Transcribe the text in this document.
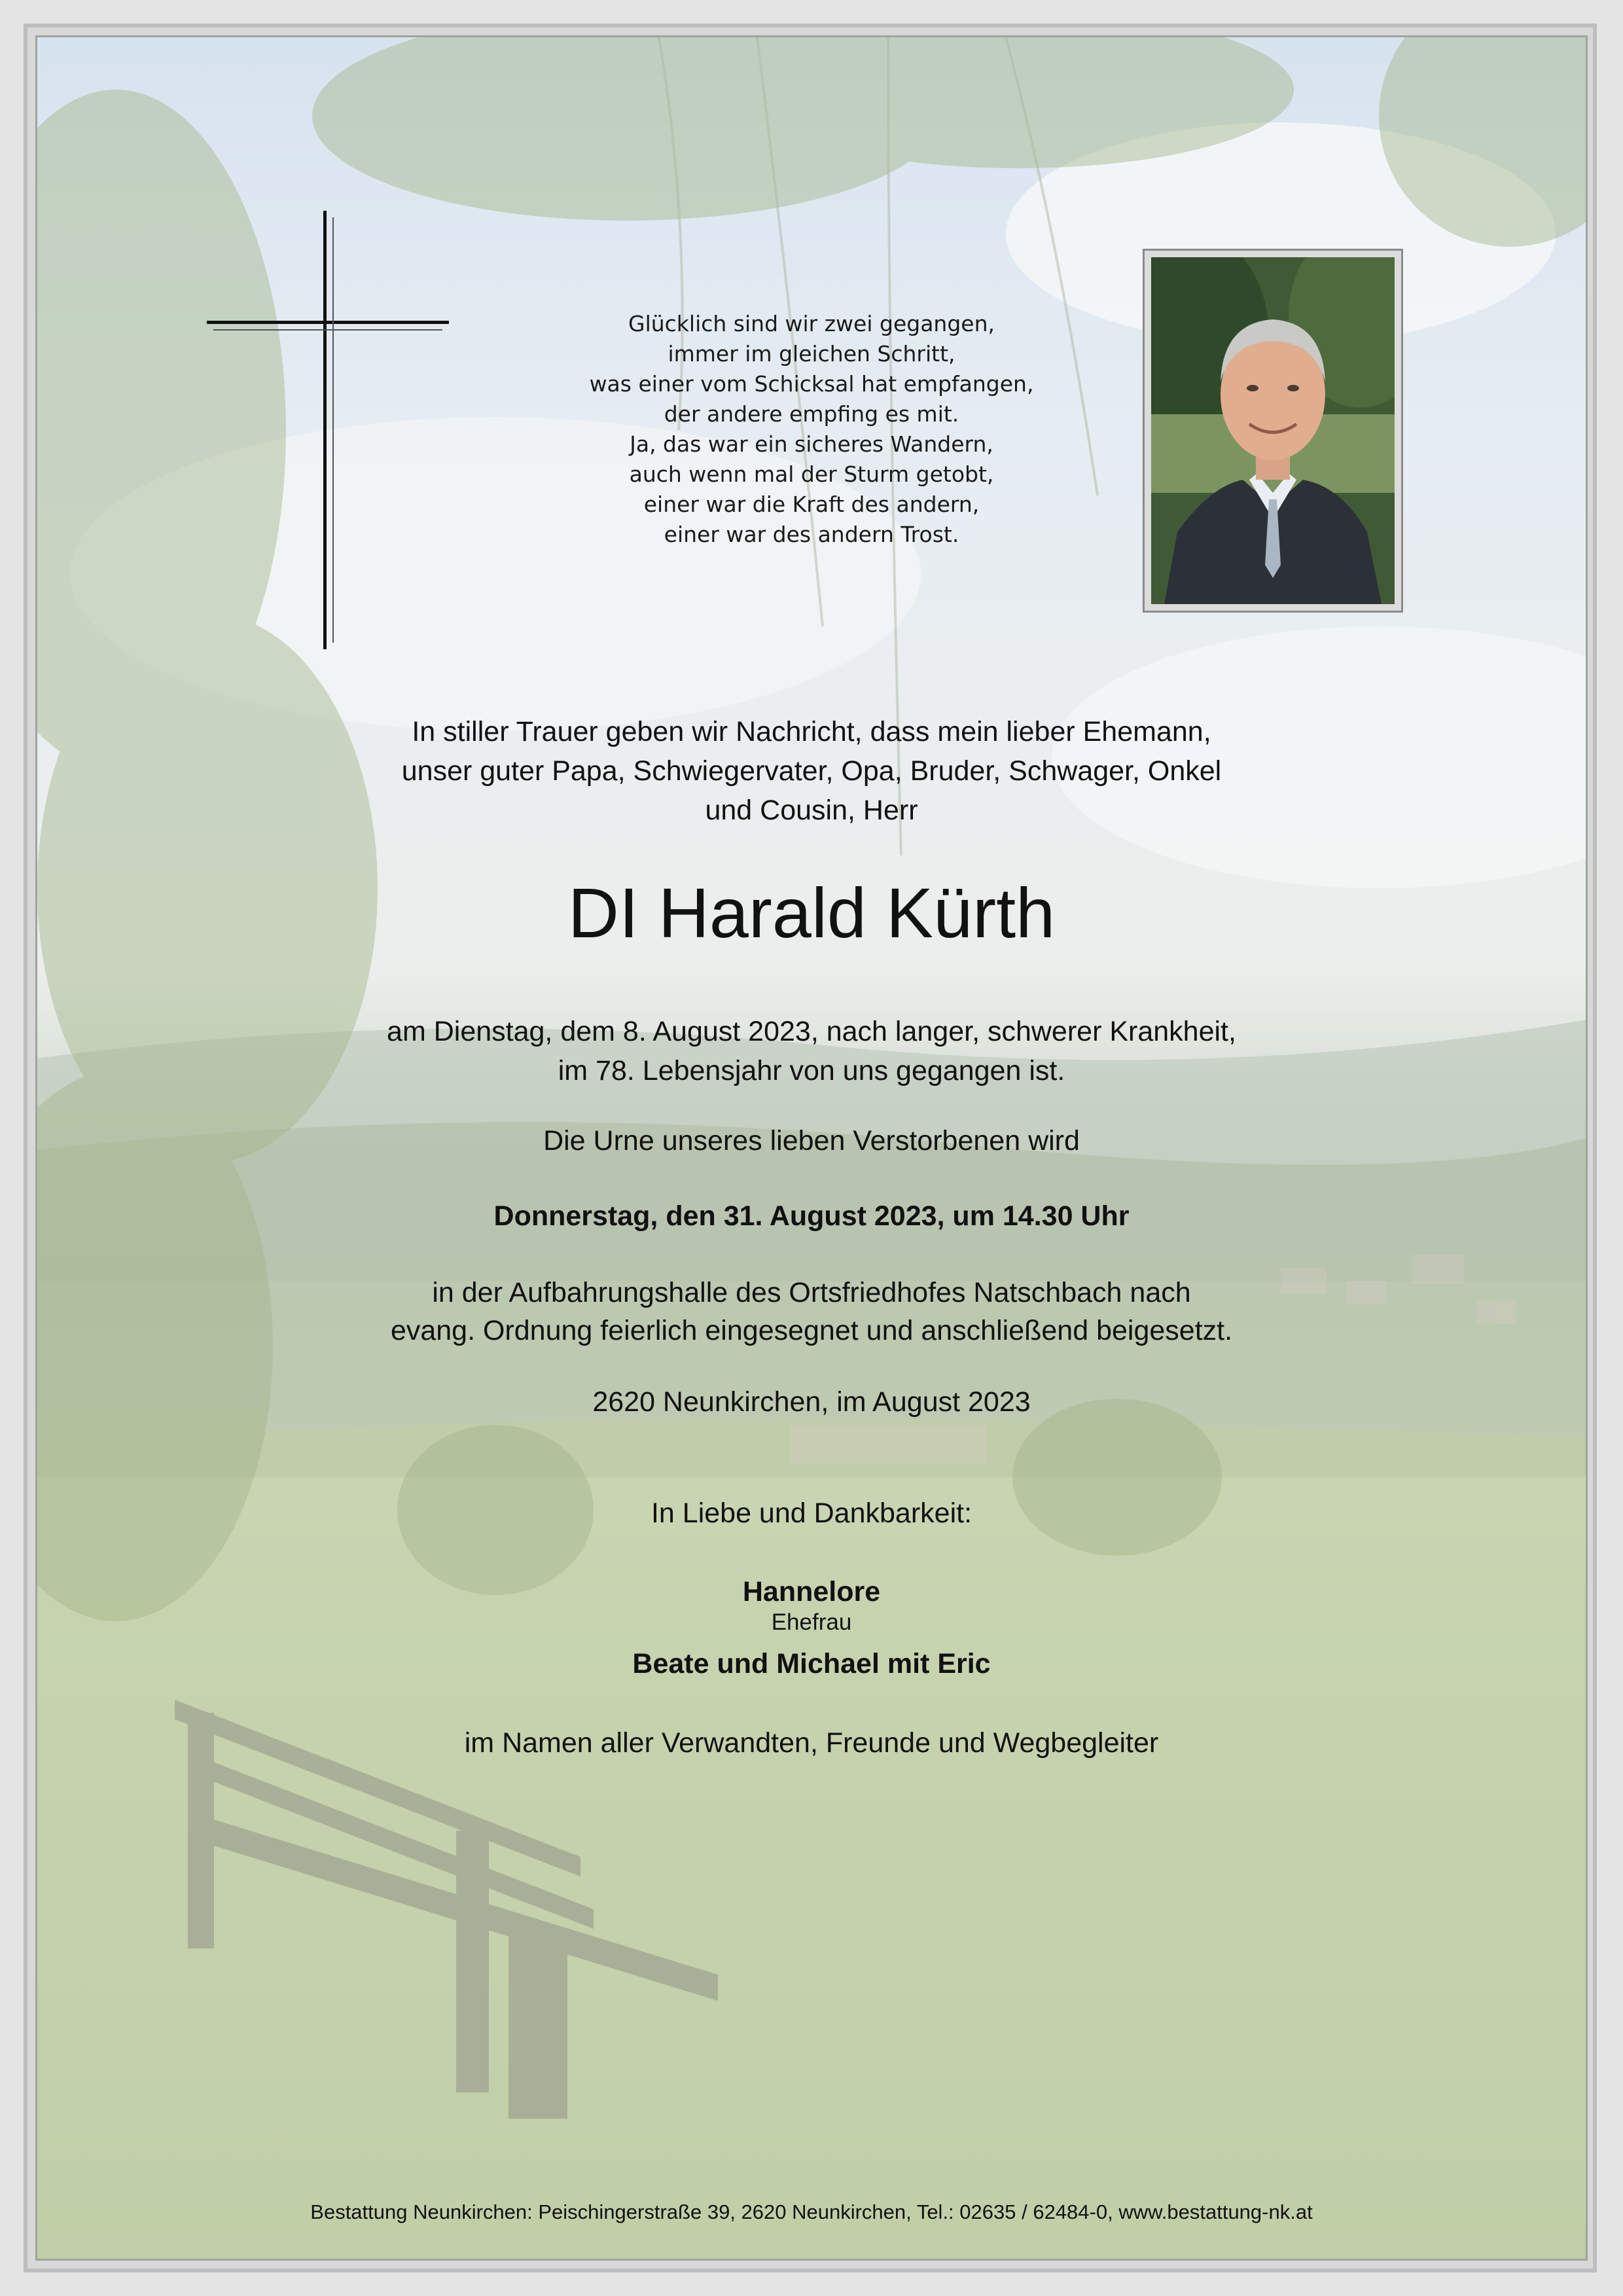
Glücklich sind wir zwei gegangen,
immer im gleichen Schritt,
was einer vom Schicksal hat empfangen,
der andere empfing es mit.
Ja, das war ein sicheres Wandern,
auch wenn mal der Sturm getobt,
einer war die Kraft des andern,
einer war des andern Trost.
In stiller Trauer geben wir Nachricht, dass mein lieber Ehemann,
unser guter Papa, Schwiegervater, Opa, Bruder, Schwager, Onkel
und Cousin, Herr
DI Harald Kürth
am Dienstag, dem 8. August 2023, nach langer, schwerer Krankheit,
im 78. Lebensjahr von uns gegangen ist.
Die Urne unseres lieben Verstorbenen wird
Donnerstag, den 31. August 2023, um 14.30 Uhr
in der Aufbahrungshalle des Ortsfriedhofes Natschbach nach
evang. Ordnung feierlich eingesegnet und anschließend beigesetzt.
2620 Neunkirchen, im August 2023
In Liebe und Dankbarkeit:
Hannelore
Ehefrau
Beate und Michael mit Eric
im Namen aller Verwandten, Freunde und Wegbegleiter
Bestattung Neunkirchen: Peischingerstraße 39, 2620 Neunkirchen, Tel.: 02635 / 62484-0, www.bestattung-nk.at
